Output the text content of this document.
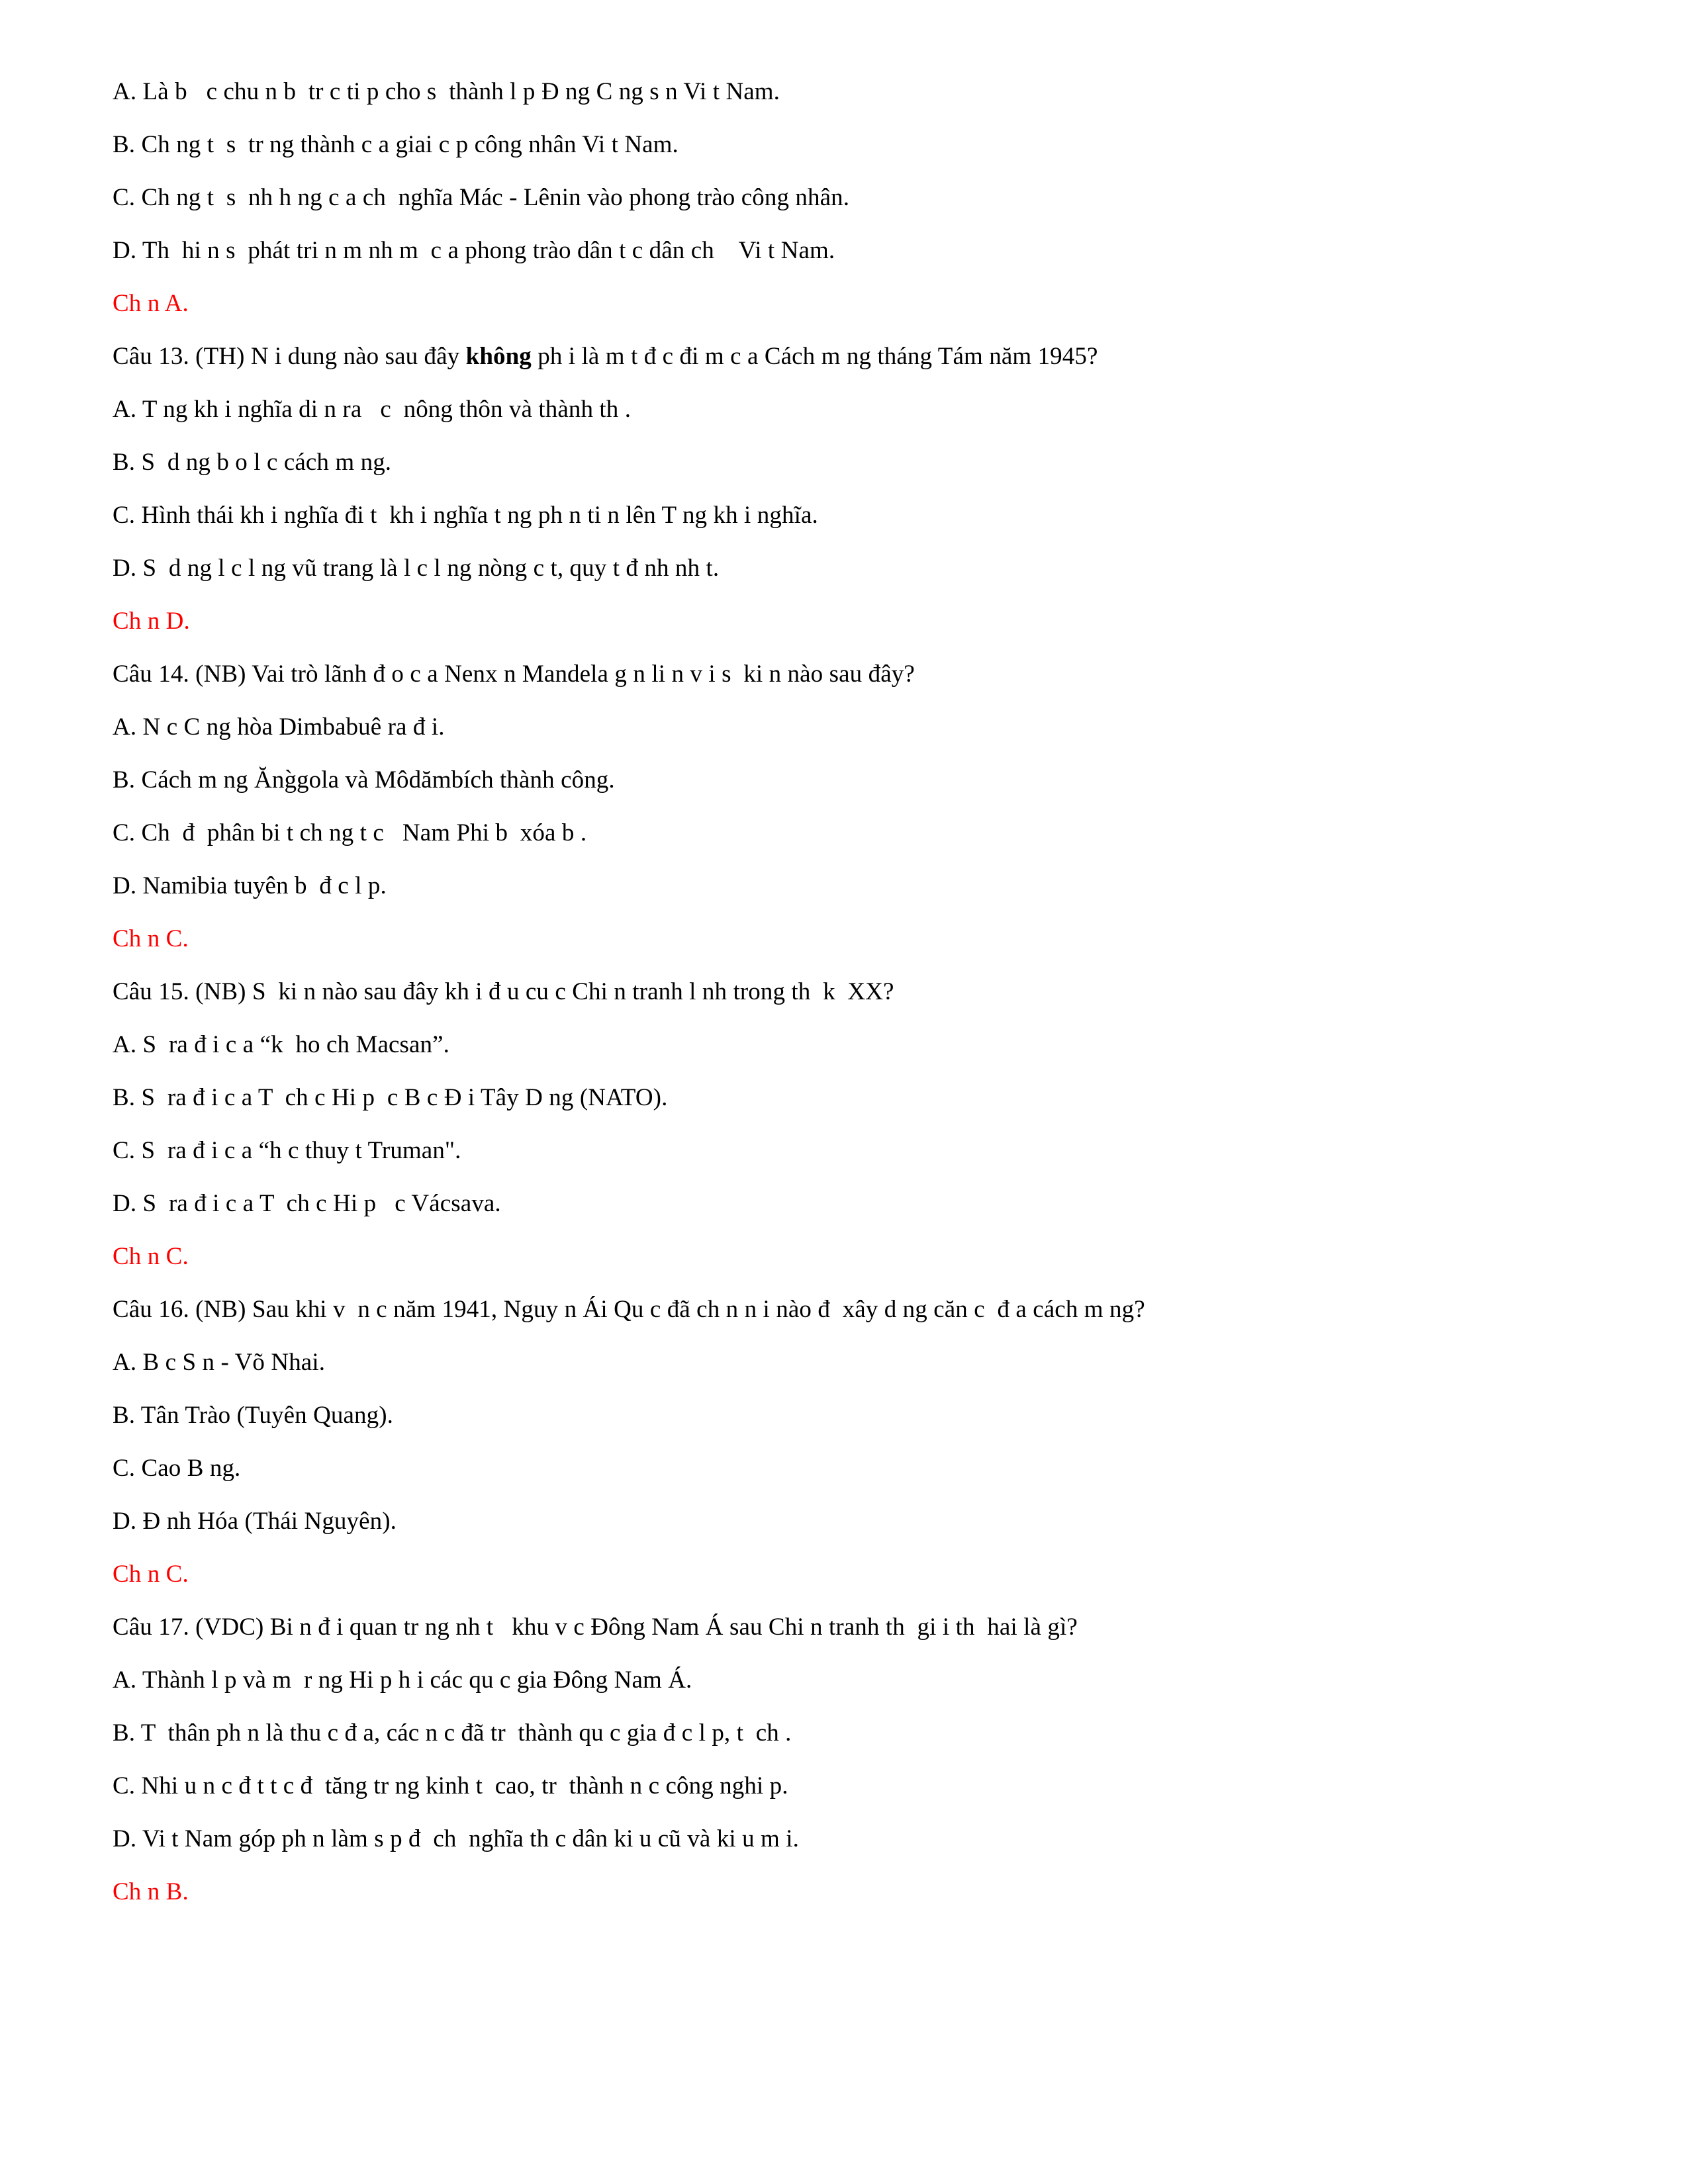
A. Là b c chu n b  tr c ti p cho s  thành l p Đ ng C ng s n Vi t Nam.

B. Ch ng t  s  tr ng thành c a giai c p công nhân Vi t Nam.

C. Ch ng t  s  nh h ng c a ch  nghĩa Mác - Lênin vào phong trào công nhân.

D. Th  hi n s  phát tri n m nh m  c a phong trào dân t c dân ch    Vi t Nam.

Ch n A.

Câu 13. (TH) N i dung nào sau đây không ph i là m t đ c đi m c a Cách m ng tháng Tám năm 1945?

A. T ng kh i nghĩa di n ra   c  nông thôn và thành th .

B. S  d ng b o l c cách m ng.

C. Hình thái kh i nghĩa đi t  kh i nghĩa t ng ph n ti n lên T ng kh i nghĩa.

D. S  d ng l c l ng vũ trang là l c l ng nòng c t, quy t đ nh nh t.

Ch n D.

Câu 14. (NB) Vai trò lãnh đ o c a Nenx n Mandela g n li n v i s  ki n nào sau đây?

A. N c C ng hòa Dimbabuê ra đ i.

B. Cách m ng Ăng̀gola và Môdămbích thành công.

C. Ch  đ  phân bi t ch ng t c   Nam Phi b  xóa b .

D. Namibia tuyên b  đ c l p.

Ch n C.

Câu 15. (NB) S  ki n nào sau đây kh i đ u cu c Chi n tranh l nh trong th  k  XX?

A. S  ra đ i c a “k  ho ch Macsan”.

B. S  ra đ i c a T  ch c Hi p  c B c Đ i Tây D ng (NATO).

C. S  ra đ i c a “h c thuy t Truman".

D. S  ra đ i c a T  ch c Hi p   c Vácsava.

Ch n C.

Câu 16. (NB) Sau khi v  n c năm 1941, Nguy n Ái Qu c đã ch n n i nào đ  xây d ng căn c  đ a cách m ng?

A. B c S n - Võ Nhai.

B. Tân Trào (Tuyên Quang).

C. Cao B ng.

D. Đ nh Hóa (Thái Nguyên).

Ch n C.

Câu 17. (VDC) Bi n đ i quan tr ng nh t   khu v c Đông Nam Á sau Chi n tranh th  gi i th  hai là gì?

A. Thành l p và m  r ng Hi p h i các qu c gia Đông Nam Á.

B. T  thân ph n là thu c đ a, các n c đã tr  thành qu c gia đ c l p, t  ch .

C. Nhi u n c đ t t c đ  tăng tr ng kinh t  cao, tr  thành n c công nghi p.

D. Vi t Nam góp ph n làm s p đ  ch  nghĩa th c dân ki u cũ và ki u m i.

Ch n B.
